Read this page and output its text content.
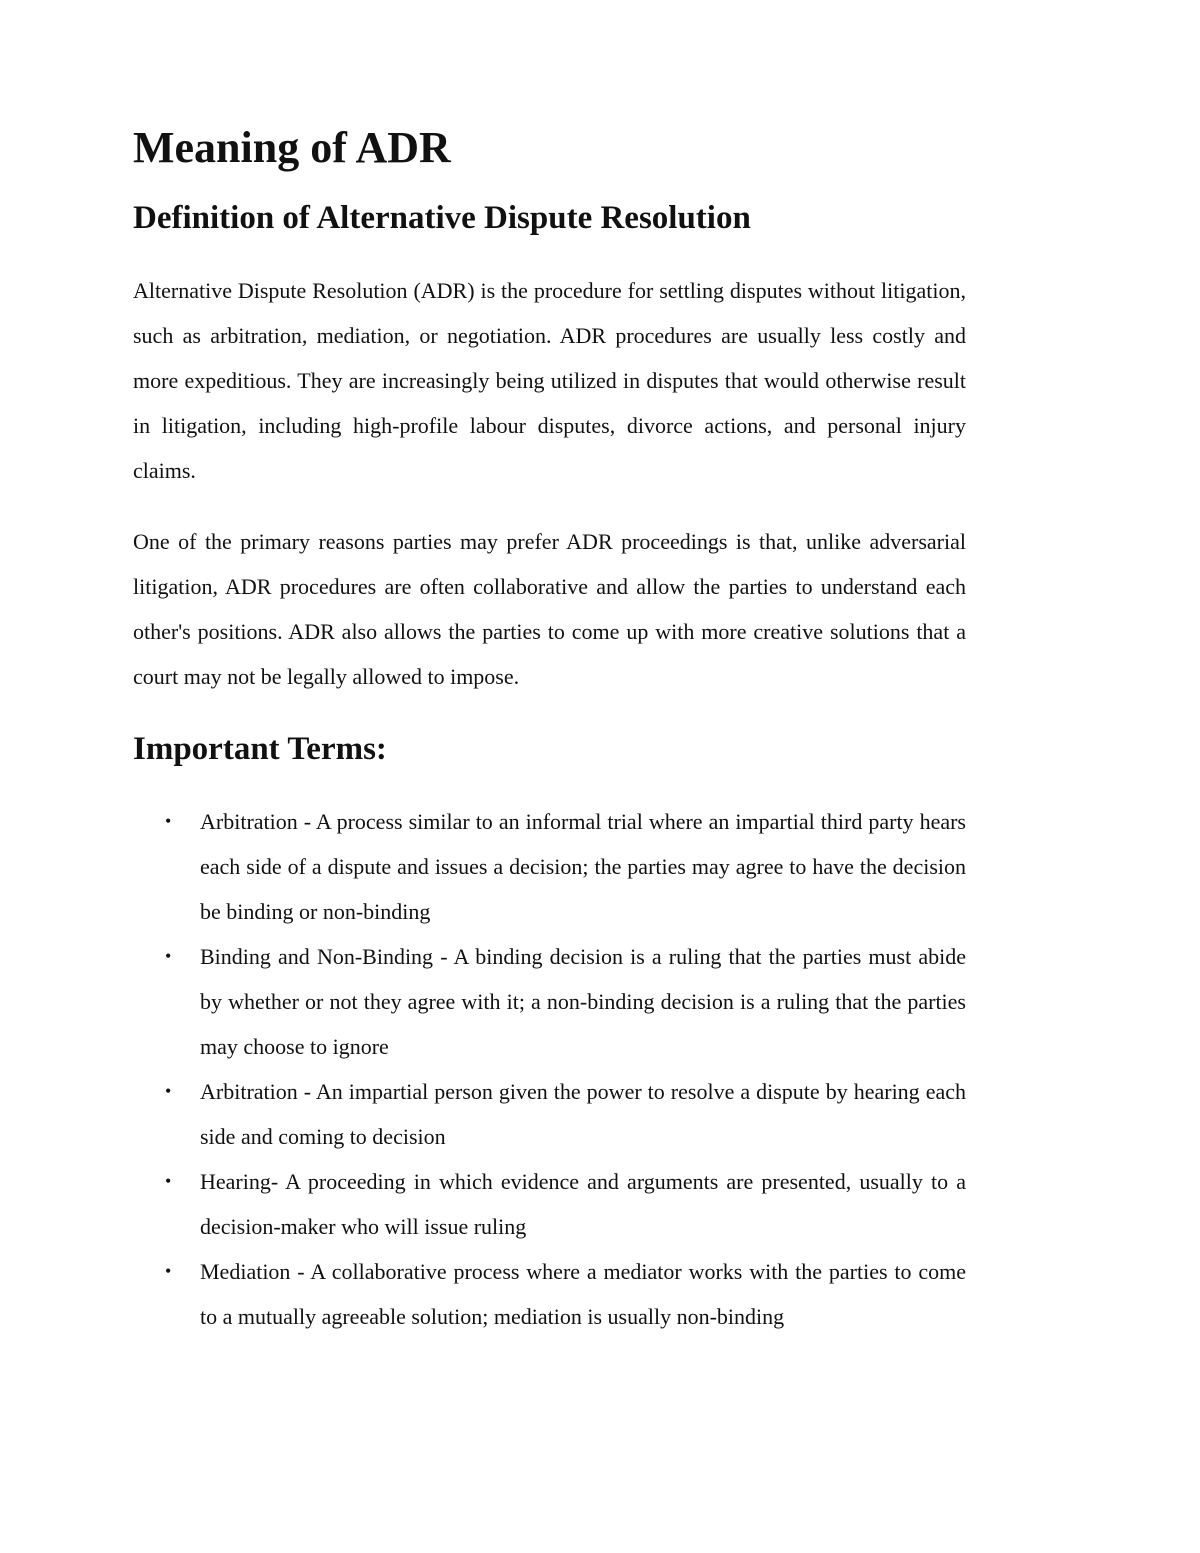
Meaning of ADR
Definition of Alternative Dispute Resolution

Alternative Dispute Resolution (ADR) is the procedure for settling disputes without litigation, such as arbitration, mediation, or negotiation. ADR procedures are usually less costly and more expeditious. They are increasingly being utilized in disputes that would otherwise result in litigation, including high-profile labour disputes, divorce actions, and personal injury claims.

One of the primary reasons parties may prefer ADR proceedings is that, unlike adversarial litigation, ADR procedures are often collaborative and allow the parties to understand each other's positions. ADR also allows the parties to come up with more creative solutions that a court may not be legally allowed to impose.

Important Terms:
•	Arbitration - A process similar to an informal trial where an impartial third party hears each side of a dispute and issues a decision; the parties may agree to have the decision be binding or non-binding
•	Binding and Non-Binding - A binding decision is a ruling that the parties must abide by whether or not they agree with it; a non-binding decision is a ruling that the parties may choose to ignore
•	Arbitration - An impartial person given the power to resolve a dispute by hearing each side and coming to decision
•	Hearing- A proceeding in which evidence and arguments are presented, usually to a decision-maker who will issue ruling
•	Mediation - A collaborative process where a mediator works with the parties to come to a mutually agreeable solution; mediation is usually non-binding
